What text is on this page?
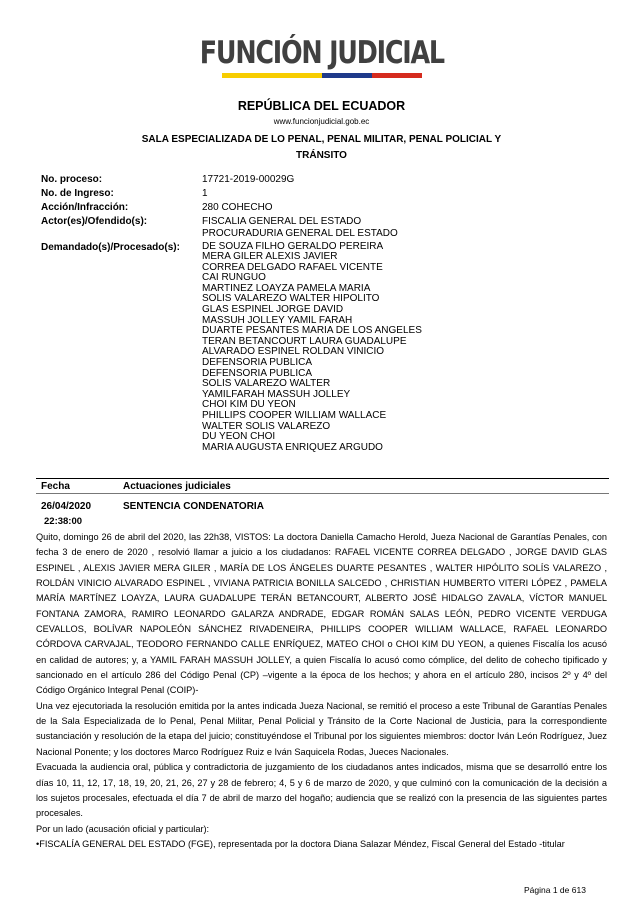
FUNCIÓN JUDICIAL
REPÚBLICA DEL ECUADOR
www.funcionjudicial.gob.ec
SALA ESPECIALIZADA DE LO PENAL, PENAL MILITAR, PENAL POLICIAL Y
TRÁNSITO
No. proceso:	17721-2019-00029G
No. de Ingreso:	1
Acción/Infracción:	280 COHECHO
Actor(es)/Ofendido(s):	FISCALIA GENERAL DEL ESTADO
PROCURADURIA GENERAL DEL ESTADO
Demandado(s)/Procesado(s):	DE SOUZA FILHO GERALDO PEREIRA
MERA GILER ALEXIS JAVIER
CORREA DELGADO RAFAEL VICENTE
CAI RUNGUO
MARTINEZ LOAYZA PAMELA MARIA
SOLIS VALAREZO WALTER HIPOLITO
GLAS ESPINEL JORGE DAVID
MASSUH JOLLEY YAMIL FARAH
DUARTE PESANTES MARIA DE LOS ANGELES
TERAN BETANCOURT LAURA GUADALUPE
ALVARADO ESPINEL ROLDAN VINICIO
DEFENSORIA PUBLICA
DEFENSORIA PUBLICA
SOLIS VALAREZO WALTER
YAMILFARAH MASSUH JOLLEY
CHOI KIM DU YEON
PHILLIPS COOPER WILLIAM WALLACE
WALTER SOLIS VALAREZO
DU YEON CHOI
MARIA AUGUSTA ENRIQUEZ ARGUDO
Fecha	Actuaciones judiciales
26/04/2020	SENTENCIA CONDENATORIA
22:38:00

Quito, domingo 26 de abril del 2020, las 22h38, VISTOS: La doctora Daniella Camacho Herold, Jueza Nacional de Garantías Penales, con fecha 3 de enero de 2020 , resolvió llamar a juicio a los ciudadanos: RAFAEL VICENTE CORREA DELGADO , JORGE DAVID GLAS ESPINEL , ALEXIS JAVIER MERA GILER , MARÍA DE LOS ÁNGELES DUARTE PESANTES , WALTER HIPÓLITO SOLÍS VALAREZO , ROLDÁN VINICIO ALVARADO ESPINEL , VIVIANA PATRICIA BONILLA SALCEDO , CHRISTIAN HUMBERTO VITERI LÓPEZ , PAMELA MARÍA MARTÍNEZ LOAYZA, LAURA GUADALUPE TERÁN BETANCOURT, ALBERTO JOSÉ HIDALGO ZAVALA, VÍCTOR MANUEL FONTANA ZAMORA, RAMIRO LEONARDO GALARZA ANDRADE, EDGAR ROMÁN SALAS LEÓN, PEDRO VICENTE VERDUGA CEVALLOS, BOLÍVAR NAPOLEÓN SÁNCHEZ RIVADENEIRA, PHILLIPS COOPER WILLIAM WALLACE, RAFAEL LEONARDO CÓRDOVA CARVAJAL, TEODORO FERNANDO CALLE ENRÍQUEZ, MATEO CHOI o CHOI KIM DU YEON, a quienes Fiscalía los acusó en calidad de autores; y, a YAMIL FARAH MASSUH JOLLEY, a quien Fiscalía lo acusó como cómplice, del delito de cohecho tipificado y sancionado en el artículo 286 del Código Penal (CP) –vigente a la época de los hechos; y ahora en el artículo 280, incisos 2º y 4º del Código Orgánico Integral Penal (COIP)-

Una vez ejecutoriada la resolución emitida por la antes indicada Jueza Nacional, se remitió el proceso a este Tribunal de Garantías Penales de la Sala Especializada de lo Penal, Penal Militar, Penal Policial y Tránsito de la Corte Nacional de Justicia, para la correspondiente sustanciación y resolución de la etapa del juicio; constituyéndose el Tribunal por los siguientes miembros: doctor Iván León Rodríguez, Juez Nacional Ponente; y los doctores Marco Rodríguez Ruiz e Iván Saquicela Rodas, Jueces Nacionales.

Evacuada la audiencia oral, pública y contradictoria de juzgamiento de los ciudadanos antes indicados, misma que se desarrolló entre los días 10, 11, 12, 17, 18, 19, 20, 21, 26, 27 y 28 de febrero; 4, 5 y 6 de marzo de 2020, y que culminó con la comunicación de la decisión a los sujetos procesales, efectuada el día 7 de abril de marzo del hogaño; audiencia que se realizó con la presencia de las siguientes partes procesales.

Por un lado (acusación oficial y particular):

•FISCALÍA GENERAL DEL ESTADO (FGE), representada por la doctora Diana Salazar Méndez, Fiscal General del Estado -titular

Página 1 de 613
